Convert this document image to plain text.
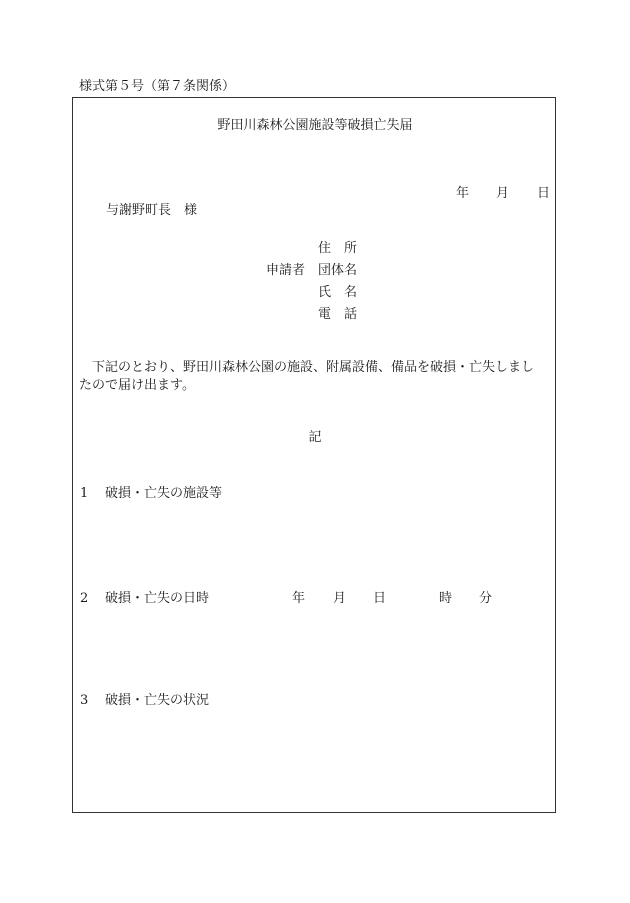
様式第５号（第７条関係）
野田川森林公園施設等破損亡失届
年 月 日
与謝野町長　様
住　所
申請者 団体名
氏　名
電　話
下記のとおり、野田川森林公園の施設、附属設備、備品を破損・亡失しまし
たので届け出ます。
記
1 破損・亡失の施設等
2 破損・亡失の日時	年 月 日	時 分
3 破損・亡失の状況
